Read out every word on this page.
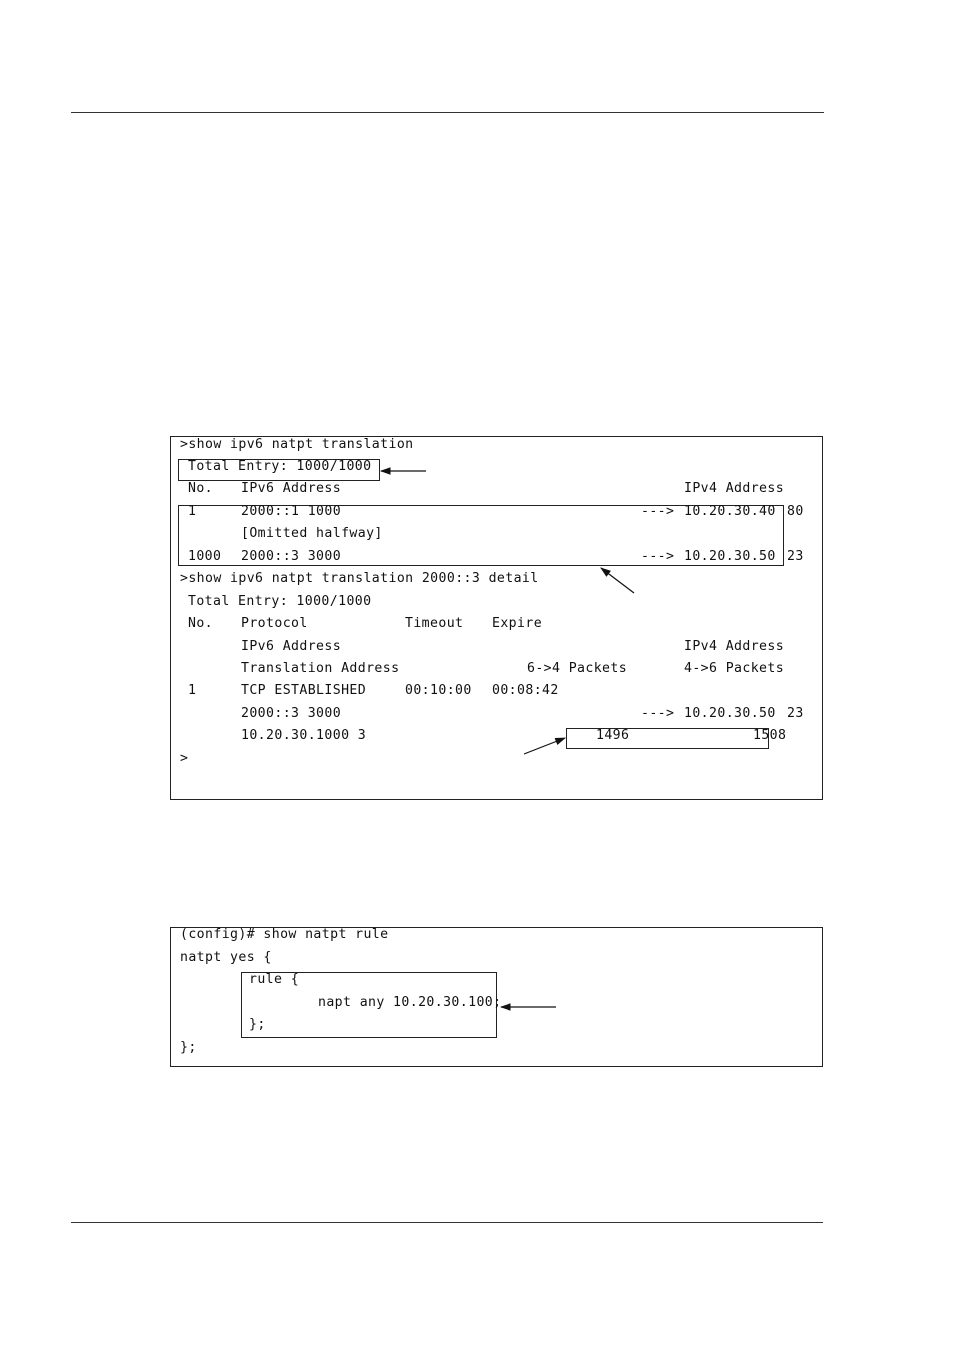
>show ipv6 natpt translation
Total Entry: 1000/1000
No. IPv6 Address	IPv4 Address
1	2000::1 1000	---> 10.20.30.40 80
[Omitted halfway]
1000 2000::3 3000	---> 10.20.30.50 23
>show ipv6 natpt translation 2000::3 detail
Total Entry: 1000/1000
No. Protocol	Timeout Expire
IPv6 Address	IPv4 Address
Translation Address	6->4 Packets	4->6 Packets
1	TCP ESTABLISHED	00:10:00 00:08:42
2000::3 3000	---> 10.20.30.50 23
10.20.30.1000 3	1496	1508
>
(config)# show natpt rule
natpt yes {
rule {
napt any 10.20.30.100;
};
};
